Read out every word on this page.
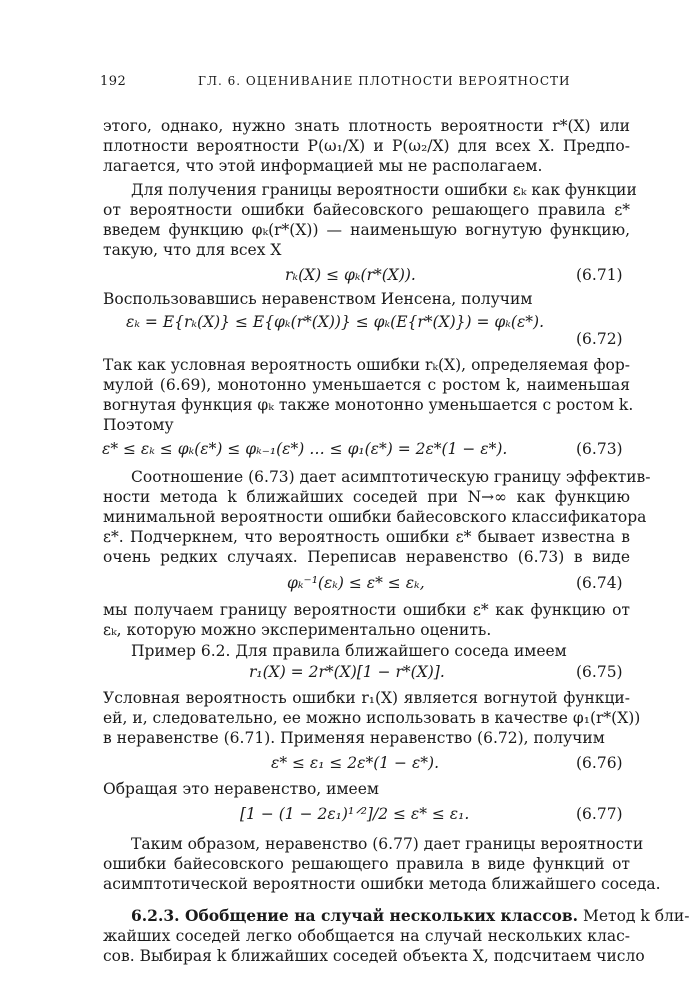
192	ГЛ. 6. ОЦЕНИВАНИЕ ПЛОТНОСТИ ВЕРОЯТНОСТИ
этого, однако, нужно знать плотность вероятности r*(X) или
плотности вероятности P(ω₁/X) и P(ω₂/X) для всех X. Предпо-
лагается, что этой информацией мы не располагаем.
Для получения границы вероятности ошибки εₖ как функции
от вероятности ошибки байесовского решающего правила ε*
введем функцию φₖ(r*(X)) — наименьшую вогнутую функцию,
такую, что для всех X
rₖ(X) ≤ φₖ(r*(X)).	(6.71)
Воспользовавшись неравенством Иенсена, получим
εₖ = E{rₖ(X)} ≤ E{φₖ(r*(X))} ≤ φₖ(E{r*(X)}) = φₖ(ε*).
(6.72)
Так как условная вероятность ошибки rₖ(X), определяемая фор-
мулой (6.69), монотонно уменьшается с ростом k, наименьшая
вогнутая функция φₖ также монотонно уменьшается с ростом k.
Поэтому
ε* ≤ εₖ ≤ φₖ(ε*) ≤ φₖ₋₁(ε*) … ≤ φ₁(ε*) = 2ε*(1 − ε*).	(6.73)
Соотношение (6.73) дает асимптотическую границу эффектив-
ности метода k ближайших соседей при N→∞ как функцию
минимальной вероятности ошибки байесовского классификатора
ε*. Подчеркнем, что вероятность ошибки ε* бывает известна в
очень редких случаях. Переписав неравенство (6.73) в виде
φₖ⁻¹(εₖ) ≤ ε* ≤ εₖ,	(6.74)
мы получаем границу вероятности ошибки ε* как функцию от
εₖ, которую можно экспериментально оценить.
Пример 6.2. Для правила ближайшего соседа имеем
r₁(X) = 2r*(X)[1 − r*(X)].	(6.75)
Условная вероятность ошибки r₁(X) является вогнутой функци-
ей, и, следовательно, ее можно использовать в качестве φ₁(r*(X))
в неравенстве (6.71). Применяя неравенство (6.72), получим
ε* ≤ ε₁ ≤ 2ε*(1 − ε*).	(6.76)
Обращая это неравенство, имеем
[1 − (1 − 2ε₁)¹ᐟ²]/2 ≤ ε* ≤ ε₁.	(6.77)
Таким образом, неравенство (6.77) дает границы вероятности
ошибки байесовского решающего правила в виде функций от
асимптотической вероятности ошибки метода ближайшего соседа.
6.2.3. Обобщение на случай нескольких классов. Метод k бли-
жайших соседей легко обобщается на случай нескольких клас-
сов. Выбирая k ближайших соседей объекта X, подсчитаем число
